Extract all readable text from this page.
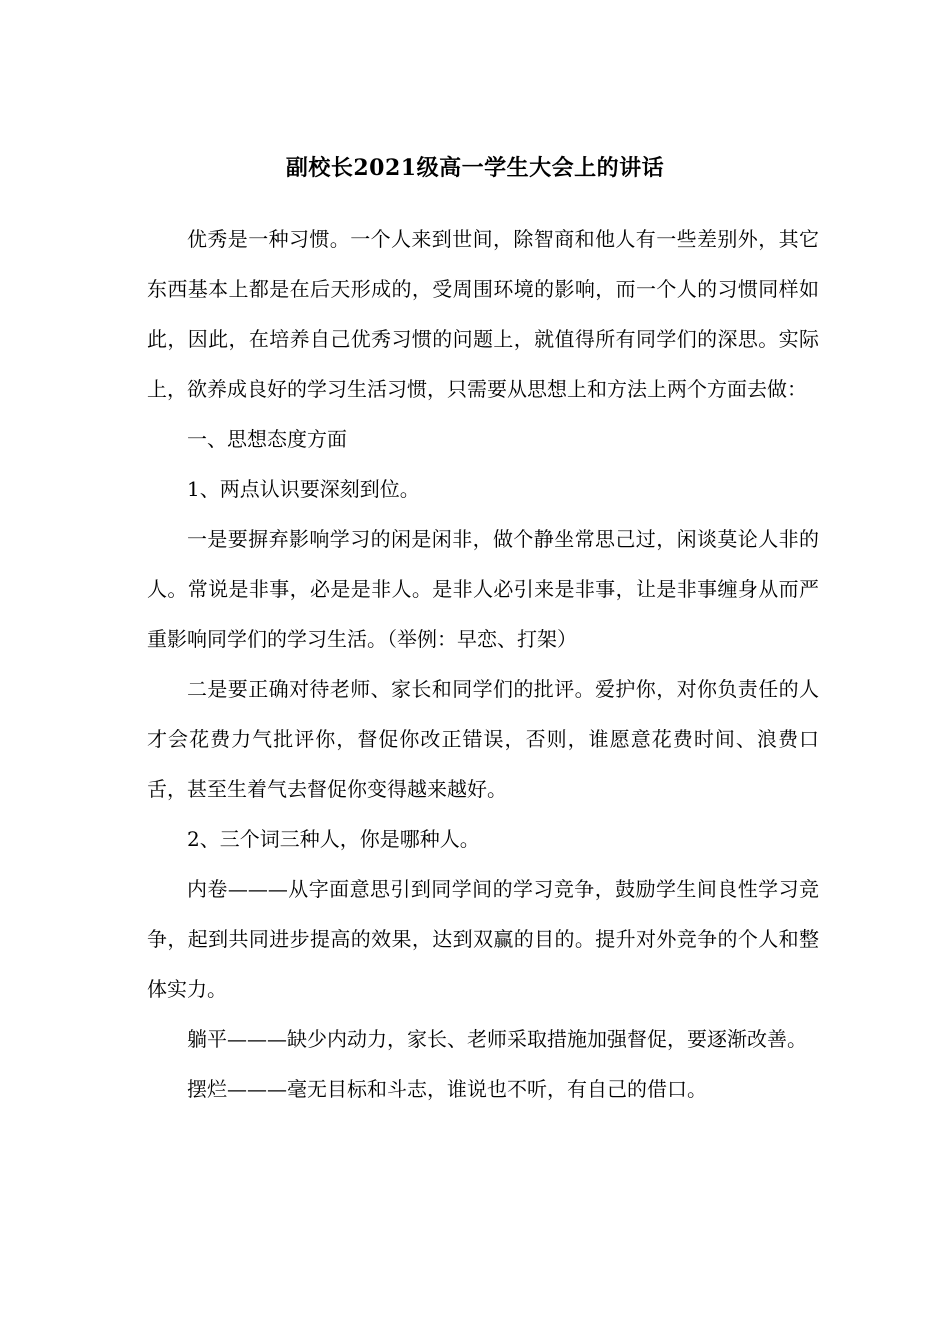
副校长2021级高一学生大会上的讲话

优秀是一种习惯。一个人来到世间，除智商和他人有一些差别外，其它东西基本上都是在后天形成的，受周围环境的影响，而一个人的习惯同样如此，因此，在培养自己优秀习惯的问题上，就值得所有同学们的深思。实际上，欲养成良好的学习生活习惯，只需要从思想上和方法上两个方面去做：

一、思想态度方面

1、两点认识要深刻到位。

一是要摒弃影响学习的闲是闲非，做个静坐常思己过，闲谈莫论人非的人。常说是非事，必是是非人。是非人必引来是非事，让是非事缠身从而严重影响同学们的学习生活。（举例：早恋、打架）

二是要正确对待老师、家长和同学们的批评。爱护你，对你负责任的人才会花费力气批评你，督促你改正错误，否则，谁愿意花费时间、浪费口舌，甚至生着气去督促你变得越来越好。

2、三个词三种人，你是哪种人。

内卷———从字面意思引到同学间的学习竞争，鼓励学生间良性学习竞争，起到共同进步提高的效果，达到双赢的目的。提升对外竞争的个人和整体实力。

躺平———缺少内动力，家长、老师采取措施加强督促，要逐渐改善。

摆烂———毫无目标和斗志，谁说也不听，有自己的借口。
